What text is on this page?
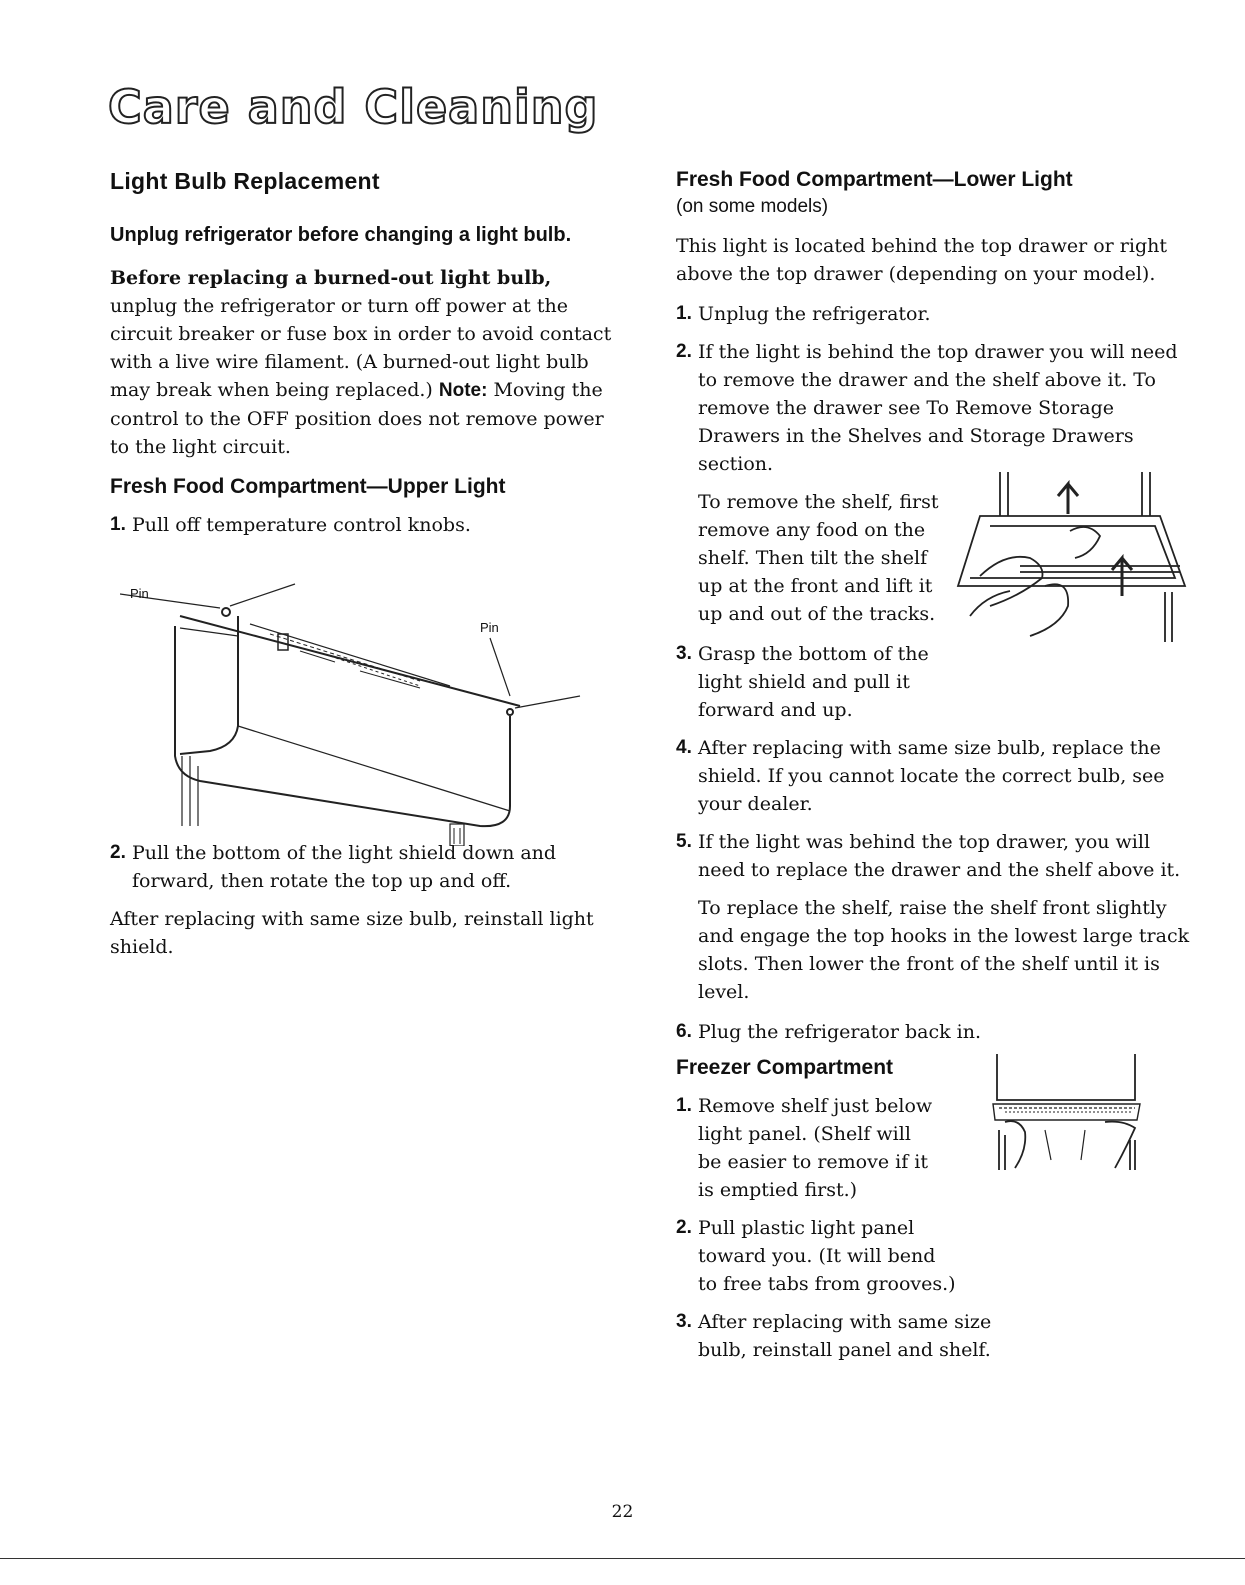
Care and Cleaning
Light Bulb Replacement

Unplug refrigerator before changing a light bulb.

Before replacing a burned-out light bulb, unplug the refrigerator or turn off power at the circuit breaker or fuse box in order to avoid contact with a live wire filament. (A burned-out light bulb may break when being replaced.) Note: Moving the control to the OFF position does not remove power to the light circuit.

Fresh Food Compartment—Upper Light
1. Pull off temperature control knobs.
2. Pull the bottom of the light shield down and forward, then rotate the top up and off.

After replacing with same size bulb, reinstall light shield.

Pin
Pin
Fresh Food Compartment—Lower Light

(on some models)

This light is located behind the top drawer or right above the top drawer (depending on your model).

1. Unplug the refrigerator.
2. If the light is behind the top drawer you will need to remove the drawer and the shelf above it. To remove the drawer see To Remove Storage Drawers in the Shelves and Storage Drawers section.

To remove the shelf, first remove any food on the shelf. Then tilt the shelf up at the front and lift it up and out of the tracks.

3. Grasp the bottom of the light shield and pull it forward and up.
4. After replacing with same size bulb, replace the shield. If you cannot locate the correct bulb, see your dealer.
5. If the light was behind the top drawer, you will need to replace the drawer and the shelf above it.

To replace the shelf, raise the shelf front slightly and engage the top hooks in the lowest large track slots. Then lower the front of the shelf until it is level.

6. Plug the refrigerator back in.
Freezer Compartment
1. Remove shelf just below light panel. (Shelf will be easier to remove if it is emptied first.)
2. Pull plastic light panel toward you. (It will bend to free tabs from grooves.)
3. After replacing with same size bulb, reinstall panel and shelf.
22
